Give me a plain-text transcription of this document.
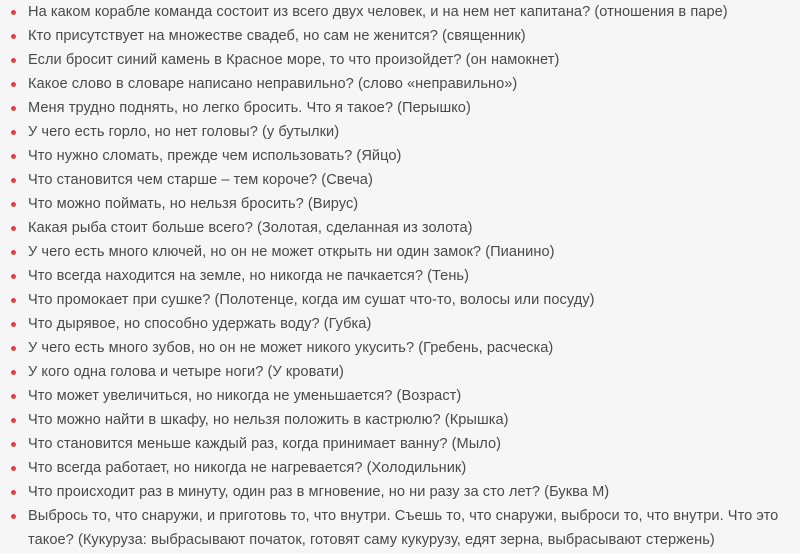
На каком корабле команда состоит из всего двух человек, и на нем нет капитана? (отношения в паре)
Кто присутствует на множестве свадеб, но сам не женится? (священник)
Если бросит синий камень в Красное море, то что произойдет? (он намокнет)
Какое слово в словаре написано неправильно? (слово «неправильно»)
Меня трудно поднять, но легко бросить. Что я такое? (Перышко)
У чего есть горло, но нет головы? (у бутылки)
Что нужно сломать, прежде чем использовать? (Яйцо)
Что становится чем старше – тем короче? (Свеча)
Что можно поймать, но нельзя бросить? (Вирус)
Какая рыба стоит больше всего? (Золотая, сделанная из золота)
У чего есть много ключей, но он не может открыть ни один замок? (Пианино)
Что всегда находится на земле, но никогда не пачкается? (Тень)
Что промокает при сушке? (Полотенце, когда им сушат что-то, волосы или посуду)
Что дырявое, но способно удержать воду? (Губка)
У чего есть много зубов, но он не может никого укусить? (Гребень, расческа)
У кого одна голова и четыре ноги? (У кровати)
Что может увеличиться, но никогда не уменьшается? (Возраст)
Что можно найти в шкафу, но нельзя положить в кастрюлю? (Крышка)
Что становится меньше каждый раз, когда принимает ванну? (Мыло)
Что всегда работает, но никогда не нагревается? (Холодильник)
Что происходит раз в минуту, один раз в мгновение, но ни разу за сто лет? (Буква М)
Выбрось то, что снаружи, и приготовь то, что внутри. Съешь то, что снаружи, выброси то, что внутри. Что это такое? (Кукуруза: выбрасывают початок, готовят саму кукурузу, едят зерна, выбрасывают стержень)
